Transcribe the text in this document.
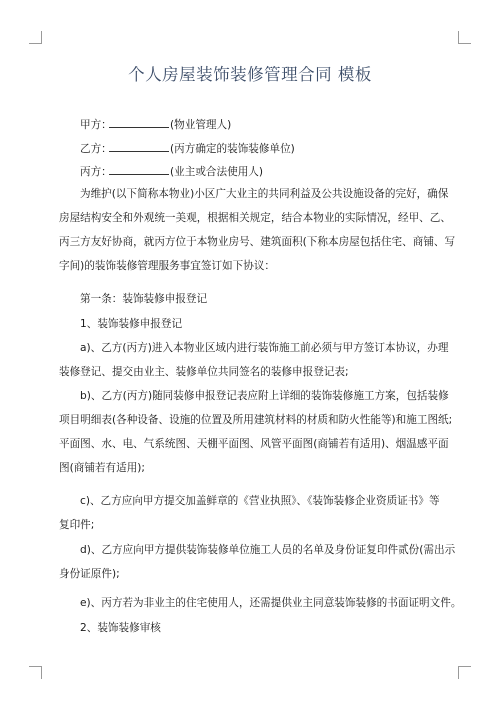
个人房屋装饰装修管理合同 模板
甲方：	(物业管理人)
乙方：	(丙方确定的装饰装修单位)
丙方：	(业主或合法使用人)
为维护(以下简称本物业)小区广大业主的共同利益及公共设施设备的完好，确保
房屋结构安全和外观统一美观，根据相关规定，结合本物业的实际情况，经甲、乙、
丙三方友好协商，就丙方位于本物业房号、建筑面积(下称本房屋包括住宅、商铺、写
字间)的装饰装修管理服务事宜签订如下协议：
第一条：装饰装修申报登记
1、装饰装修申报登记
a)、乙方(丙方)进入本物业区域内进行装饰施工前必须与甲方签订本协议，办理
装修登记、提交由业主、装修单位共同签名的装修申报登记表;
b)、乙方(丙方)随同装修申报登记表应附上详细的装饰装修施工方案，包括装修
项目明细表(各种设备、设施的位置及所用建筑材料的材质和防火性能等)和施工图纸;
平面图、水、电、气系统图、天棚平面图、风管平面图(商铺若有适用)、烟温感平面
图(商铺若有适用);
c)、乙方应向甲方提交加盖鲜章的《营业执照》、《装饰装修企业资质证书》等
复印件;
d)、乙方应向甲方提供装饰装修单位施工人员的名单及身份证复印件贰份(需出示
身份证原件);
e)、丙方若为非业主的住宅使用人，还需提供业主同意装饰装修的书面证明文件。
2、装饰装修审核
